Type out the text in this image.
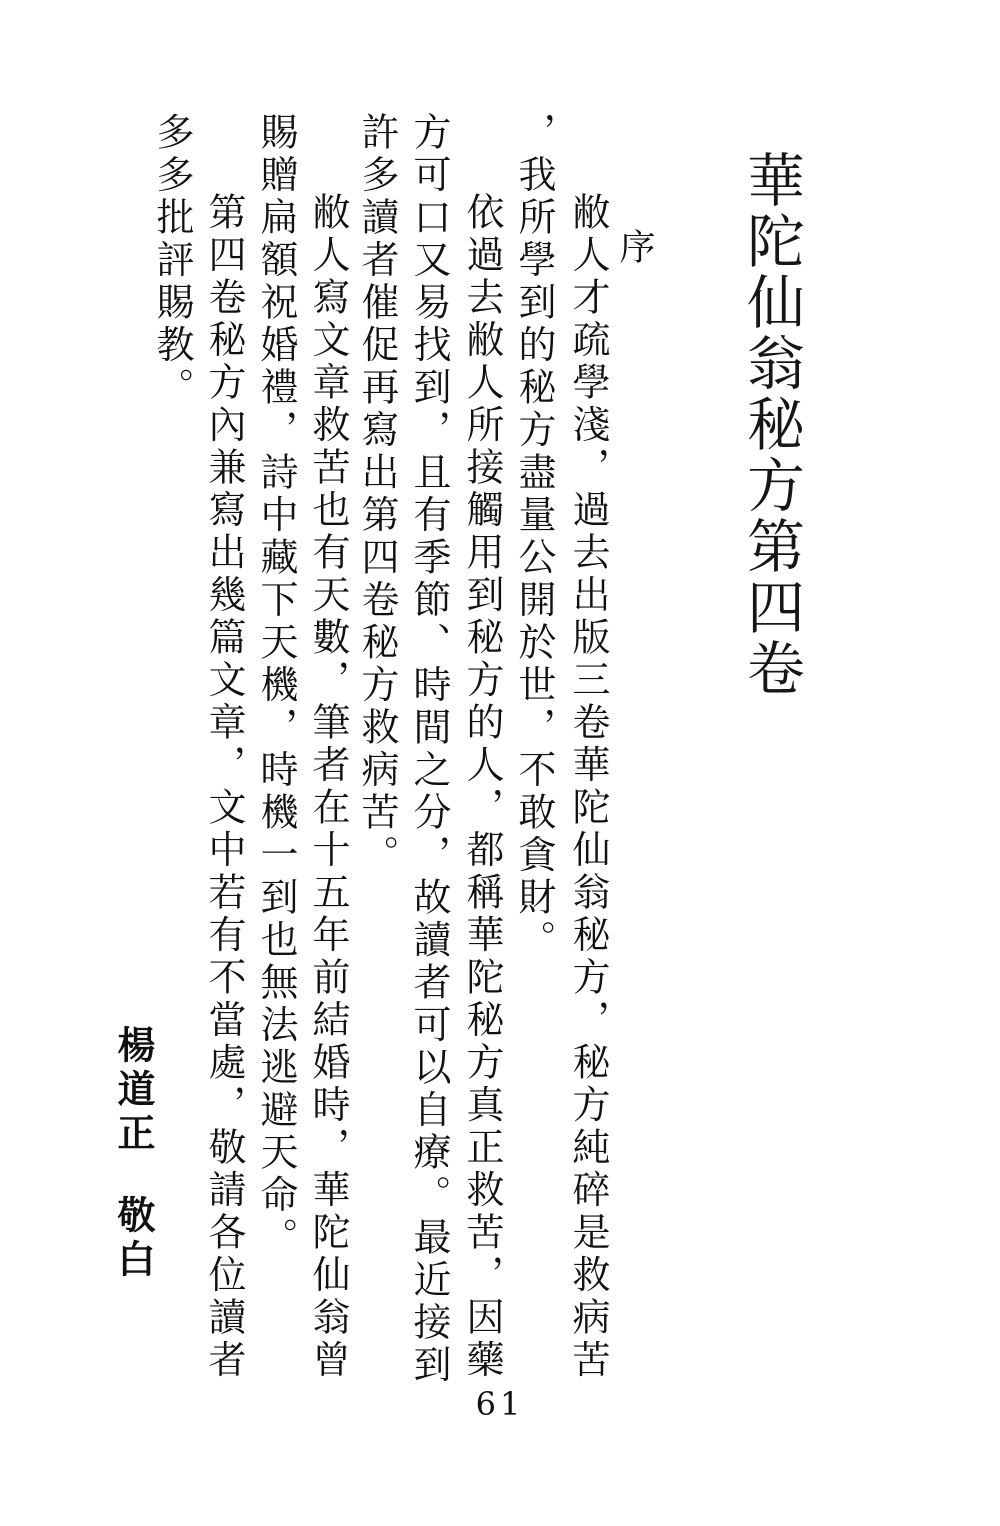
華陀仙翁秘方第四卷
序
敝人才疏學淺，過去出版三卷華陀仙翁秘方，秘方純碎是救病苦
，我所學到的秘方盡量公開於世，不敢貪財。
依過去敝人所接觸用到秘方的人，都稱華陀秘方真正救苦，因藥
方可口又易找到，且有季節、時間之分，故讀者可以自療。最近接到
許多讀者催促再寫出第四卷秘方救病苦。
敝人寫文章救苦也有天數，筆者在十五年前結婚時，華陀仙翁曾
賜贈扁額祝婚禮，詩中藏下天機，時機一到也無法逃避天命。
第四卷秘方內兼寫出幾篇文章，文中若有不當處，敬請各位讀者
多多批評賜教。
楊道正
敬白
61
